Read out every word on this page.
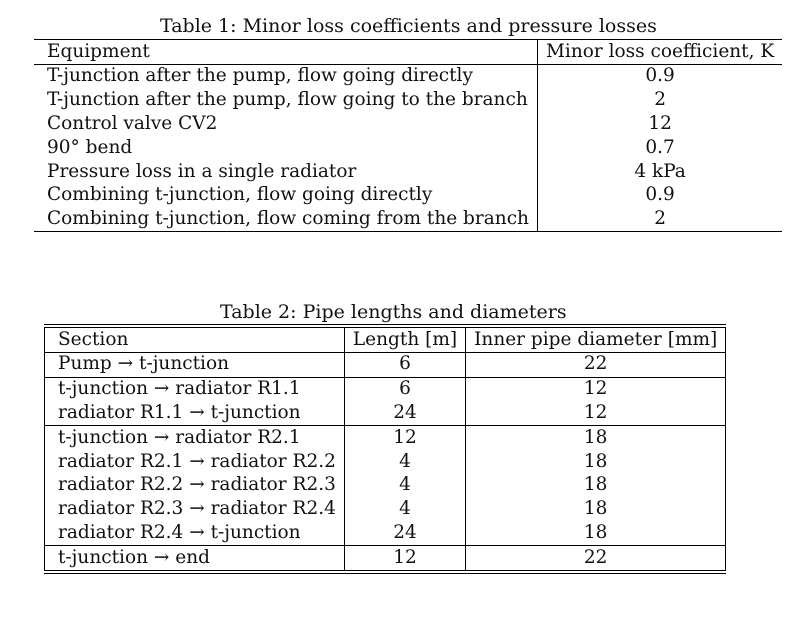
Table 1: Minor loss coefficients and pressure losses
Equipment	Minor loss coefficient, K
T-junction after the pump, flow going directly	0.9
T-junction after the pump, flow going to the branch	2
Control valve CV2	12
90° bend	0.7
Pressure loss in a single radiator	4 kPa
Combining t-junction, flow going directly	0.9
Combining t-junction, flow coming from the branch	2
Table 2: Pipe lengths and diameters
Section	Length [m]	Inner pipe diameter [mm]
Pump → t-junction	6	22
t-junction → radiator R1.1	6	12
radiator R1.1 → t-junction	24	12
t-junction → radiator R2.1	12	18
radiator R2.1 → radiator R2.2	4	18
radiator R2.2 → radiator R2.3	4	18
radiator R2.3 → radiator R2.4	4	18
radiator R2.4 → t-junction	24	18
t-junction → end	12	22
